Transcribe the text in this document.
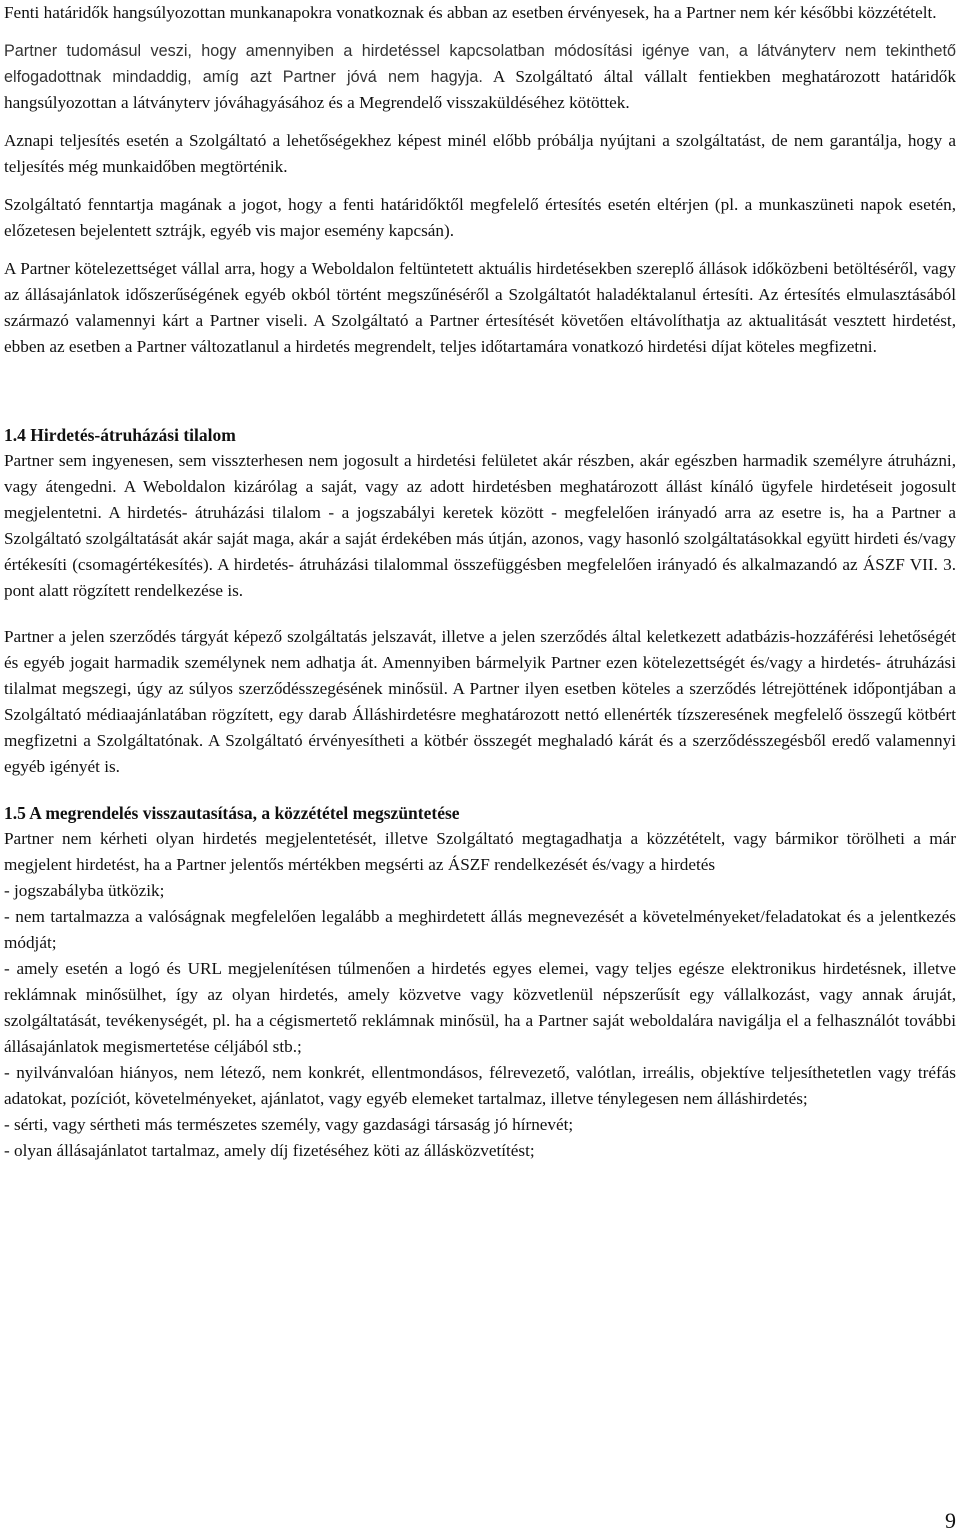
Fenti határidők hangsúlyozottan munkanapokra vonatkoznak és abban az esetben érvényesek, ha a Partner nem kér későbbi közzétételt.

Partner tudomásul veszi, hogy amennyiben a hirdetéssel kapcsolatban módosítási igénye van, a látványterv nem tekinthető elfogadottnak mindaddig, amíg azt Partner jóvá nem hagyja. A Szolgáltató által vállalt fentiekben meghatározott határidők hangsúlyozottan a látványterv jóváhagyásához és a Megrendelő visszaküldéséhez kötöttek.

Aznapi teljesítés esetén a Szolgáltató a lehetőségekhez képest minél előbb próbálja nyújtani a szolgáltatást, de nem garantálja, hogy a teljesítés még munkaidőben megtörténik.

Szolgáltató fenntartja magának a jogot, hogy a fenti határidőktől megfelelő értesítés esetén eltérjen (pl. a munkaszüneti napok esetén, előzetesen bejelentett sztrájk, egyéb vis major esemény kapcsán).

A Partner kötelezettséget vállal arra, hogy a Weboldalon feltüntetett aktuális hirdetésekben szereplő állások időközbeni betöltéséről, vagy az állásajánlatok időszerűségének egyéb okból történt megszűnéséről a Szolgáltatót haladéktalanul értesíti. Az értesítés elmulasztásából származó valamennyi kárt a Partner viseli. A Szolgáltató a Partner értesítését követően eltávolíthatja az aktualitását vesztett hirdetést, ebben az esetben a Partner változatlanul a hirdetés megrendelt, teljes időtartamára vonatkozó hirdetési díjat köteles megfizetni.

1.4 Hirdetés-átruházási tilalom

Partner sem ingyenesen, sem visszterhesen nem jogosult a hirdetési felületet akár részben, akár egészben harmadik személyre átruházni, vagy átengedni. A Weboldalon kizárólag a saját, vagy az adott hirdetésben meghatározott állást kínáló ügyfele hirdetéseit jogosult megjelentetni. A hirdetés- átruházási tilalom - a jogszabályi keretek között - megfelelően irányadó arra az esetre is, ha a Partner a Szolgáltató szolgáltatását akár saját maga, akár a saját érdekében más útján, azonos, vagy hasonló szolgáltatásokkal együtt hirdeti és/vagy értékesíti (csomagértékesítés). A hirdetés- átruházási tilalommal összefüggésben megfelelően irányadó és alkalmazandó az ÁSZF VII. 3. pont alatt rögzített rendelkezése is.

Partner a jelen szerződés tárgyát képező szolgáltatás jelszavát, illetve a jelen szerződés által keletkezett adatbázis-hozzáférési lehetőségét és egyéb jogait harmadik személynek nem adhatja át. Amennyiben bármelyik Partner ezen kötelezettségét és/vagy a hirdetés- átruházási tilalmat megszegi, úgy az súlyos szerződésszegésének minősül. A Partner ilyen esetben köteles a szerződés létrejöttének időpontjában a Szolgáltató médiaajánlatában rögzített, egy darab Álláshirdetésre meghatározott nettó ellenérték tízszeresének megfelelő összegű kötbért megfizetni a Szolgáltatónak. A Szolgáltató érvényesítheti a kötbér összegét meghaladó kárát és a szerződésszegésből eredő valamennyi egyéb igényét is.

1.5 A megrendelés visszautasítása, a közzététel megszüntetése

Partner nem kérheti olyan hirdetés megjelentetését, illetve Szolgáltató megtagadhatja a közzétételt, vagy bármikor törölheti a már megjelent hirdetést, ha a Partner jelentős mértékben megsérti az ÁSZF rendelkezését és/vagy a hirdetés

- jogszabályba ütközik;

- nem tartalmazza a valóságnak megfelelően legalább a meghirdetett állás megnevezését a követelményeket/feladatokat és a jelentkezés módját;

- amely esetén a logó és URL megjelenítésen túlmenően a hirdetés egyes elemei, vagy teljes egésze elektronikus hirdetésnek, illetve reklámnak minősülhet, így az olyan hirdetés, amely közvetve vagy közvetlenül népszerűsít egy vállalkozást, vagy annak áruját, szolgáltatását, tevékenységét, pl. ha a cégismertető reklámnak minősül, ha a Partner saját weboldalára navigálja el a felhasználót további állásajánlatok megismertetése céljából stb.;

- nyilvánvalóan hiányos, nem létező, nem konkrét, ellentmondásos, félrevezető, valótlan, irreális, objektíve teljesíthetetlen vagy tréfás adatokat, pozíciót, követelményeket, ajánlatot, vagy egyéb elemeket tartalmaz, illetve ténylegesen nem álláshirdetés;

- sérti, vagy sértheti más természetes személy, vagy gazdasági társaság jó hírnevét;

- olyan állásajánlatot tartalmaz, amely díj fizetéséhez köti az állásközvetítést;

9
